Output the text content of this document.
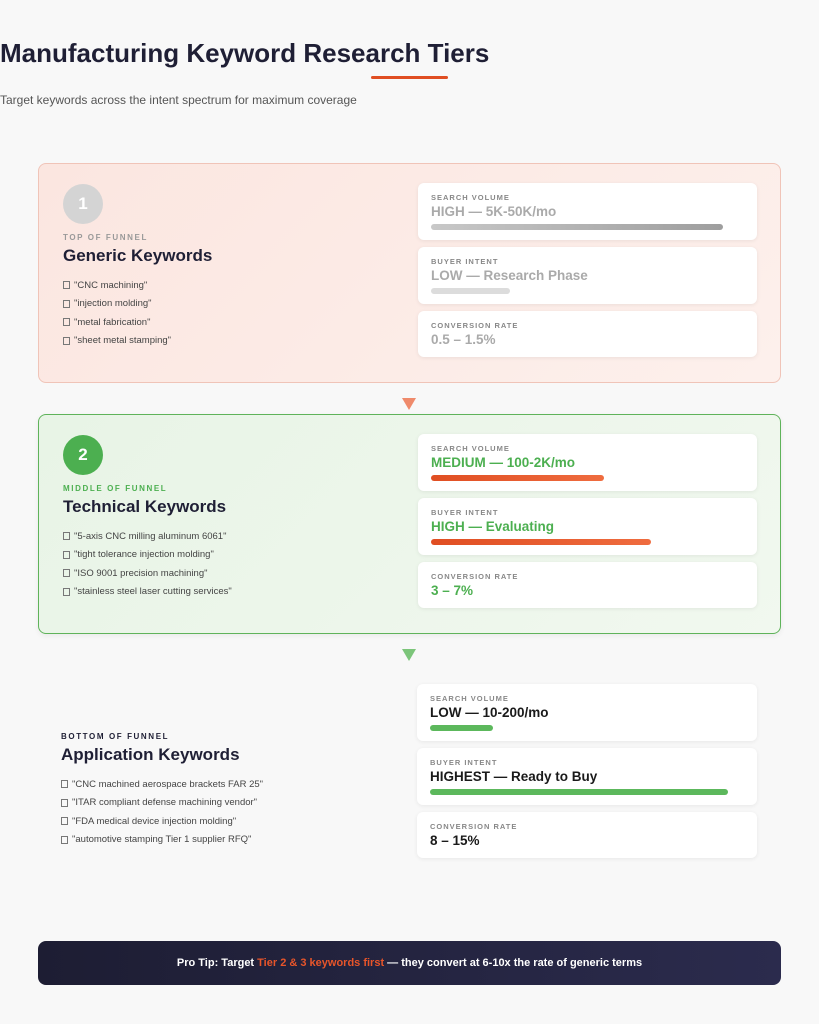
Manufacturing Keyword Research Tiers
Target keywords across the intent spectrum for maximum coverage
1
TOP OF FUNNEL
Generic Keywords
"CNC machining"
"injection molding"
"metal fabrication"
"sheet metal stamping"
SEARCH VOLUME
HIGH — 5K-50K/mo
BUYER INTENT
LOW — Research Phase
CONVERSION RATE
0.5 – 1.5%
2
MIDDLE OF FUNNEL
Technical Keywords
"5-axis CNC milling aluminum 6061"
"tight tolerance injection molding"
"ISO 9001 precision machining"
"stainless steel laser cutting services"
SEARCH VOLUME
MEDIUM — 100-2K/mo
BUYER INTENT
HIGH — Evaluating
CONVERSION RATE
3 – 7%
BOTTOM OF FUNNEL
Application Keywords
"CNC machined aerospace brackets FAR 25"
"ITAR compliant defense machining vendor"
"FDA medical device injection molding"
"automotive stamping Tier 1 supplier RFQ"
SEARCH VOLUME
LOW — 10-200/mo
BUYER INTENT
HIGHEST — Ready to Buy
CONVERSION RATE
8 – 15%
Pro Tip: Target Tier 2 & 3 keywords first — they convert at 6-10x the rate of generic terms
